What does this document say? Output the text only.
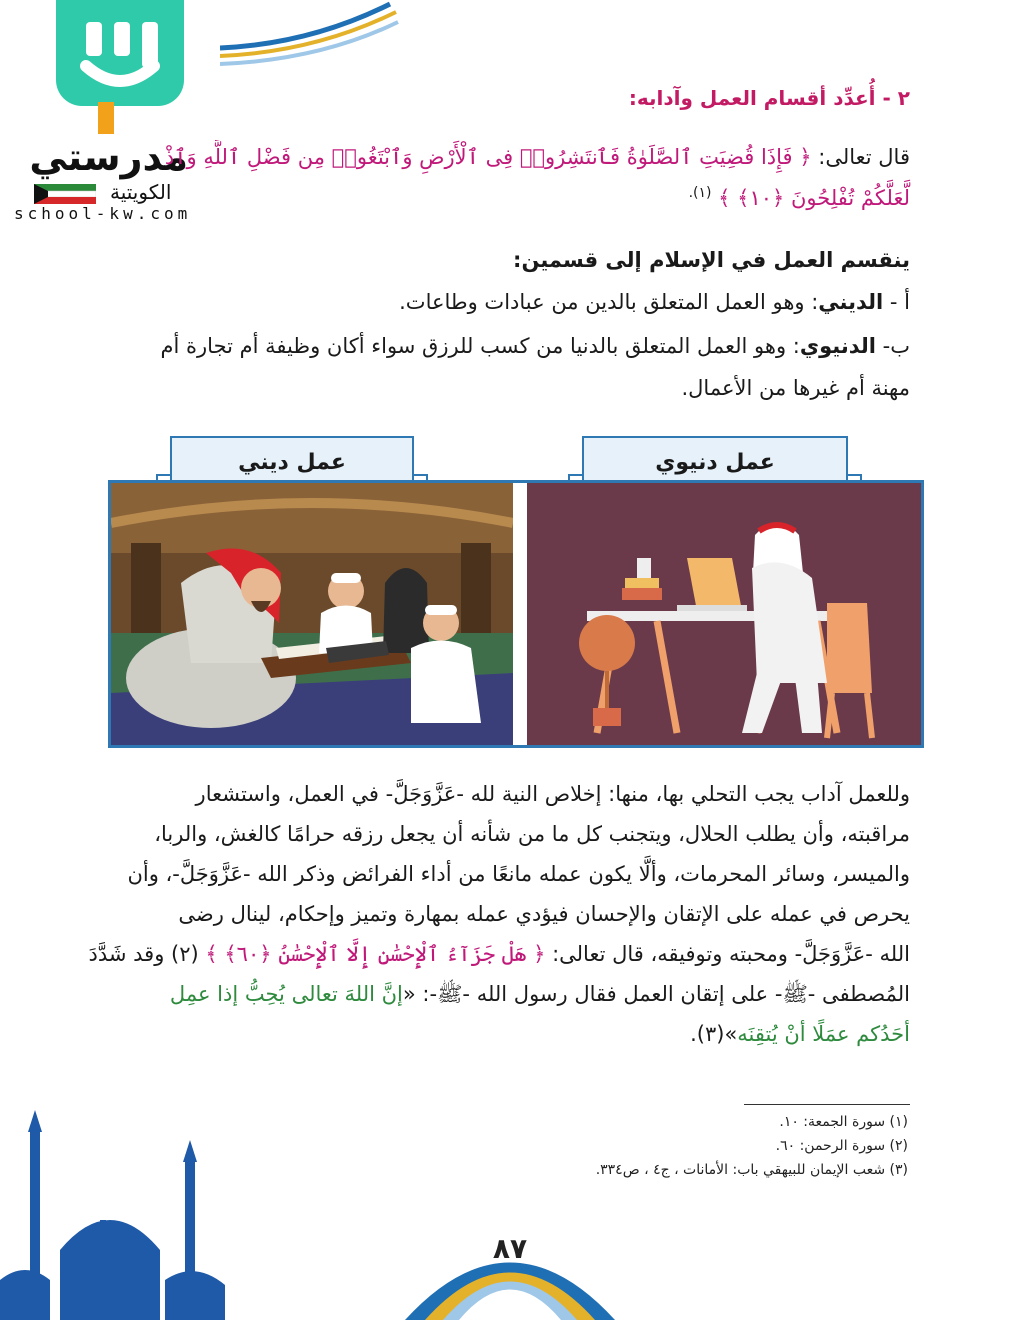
مدرستي
الكويتية
school-kw.com
٢ - أُعدِّد أقسام العمل وآدابه:
قال تعالى: ﴿ فَإِذَا قُضِيَتِ ٱلصَّلَوٰةُ فَٱنتَشِرُوا۟ فِى ٱلْأَرْضِ وَٱبْتَغُوا۟ مِن فَضْلِ ٱللَّهِ وَٱذْ
لَّعَلَّكُمْ تُفْلِحُونَ ﴿١٠﴾ ﴾ $^{(١).}$
ينقسم العمل في الإسلام إلى قسمين:
أ - الديني: وهو العمل المتعلق بالدين من عبادات وطاعات.
ب- الدنيوي: وهو العمل المتعلق بالدنيا من كسب للرزق سواء أكان وظيفة أم تجارة أم
مهنة أم غيرها من الأعمال.
عمل دنيوي
عمل ديني
وللعمل آداب يجب التحلي بها، منها: إخلاص النية لله -عَزَّوَجَلَّ- في العمل، واستشعار
مراقبته، وأن يطلب الحلال، ويتجنب كل ما من شأنه أن يجعل رزقه حرامًا كالغش، والربا،
والميسر، وسائر المحرمات، وألَّا يكون عمله مانعًا من أداء الفرائض وذكر الله -عَزَّوَجَلَّ-، وأن
يحرص في عمله على الإتقان والإحسان فيؤدي عمله بمهارة وتميز وإحكام، لينال رضى
الله -عَزَّوَجَلَّ- ومحبته وتوفيقه، قال تعالى: ﴿ هَلْ جَزَآءُ ٱلْإِحْسَٰنِ إِلَّا ٱلْإِحْسَٰنُ ﴿٦٠﴾ ﴾ (٢) وقد شَدَّدَ
المُصطفى -ﷺ- على إتقان العمل فقال رسول الله -ﷺ-: «إنَّ اللهَ تعالى يُحِبُّ إذا عمِل
أحَدُكم عمَلًا أنْ يُتقِنَه»(٣).
(١) سورة الجمعة: ١٠.
(٢) سورة الرحمن: ٦٠.
(٣) شعب الإيمان للبيهقي باب: الأمانات ، ج٤ ، ص٣٣٤.
٨٧
